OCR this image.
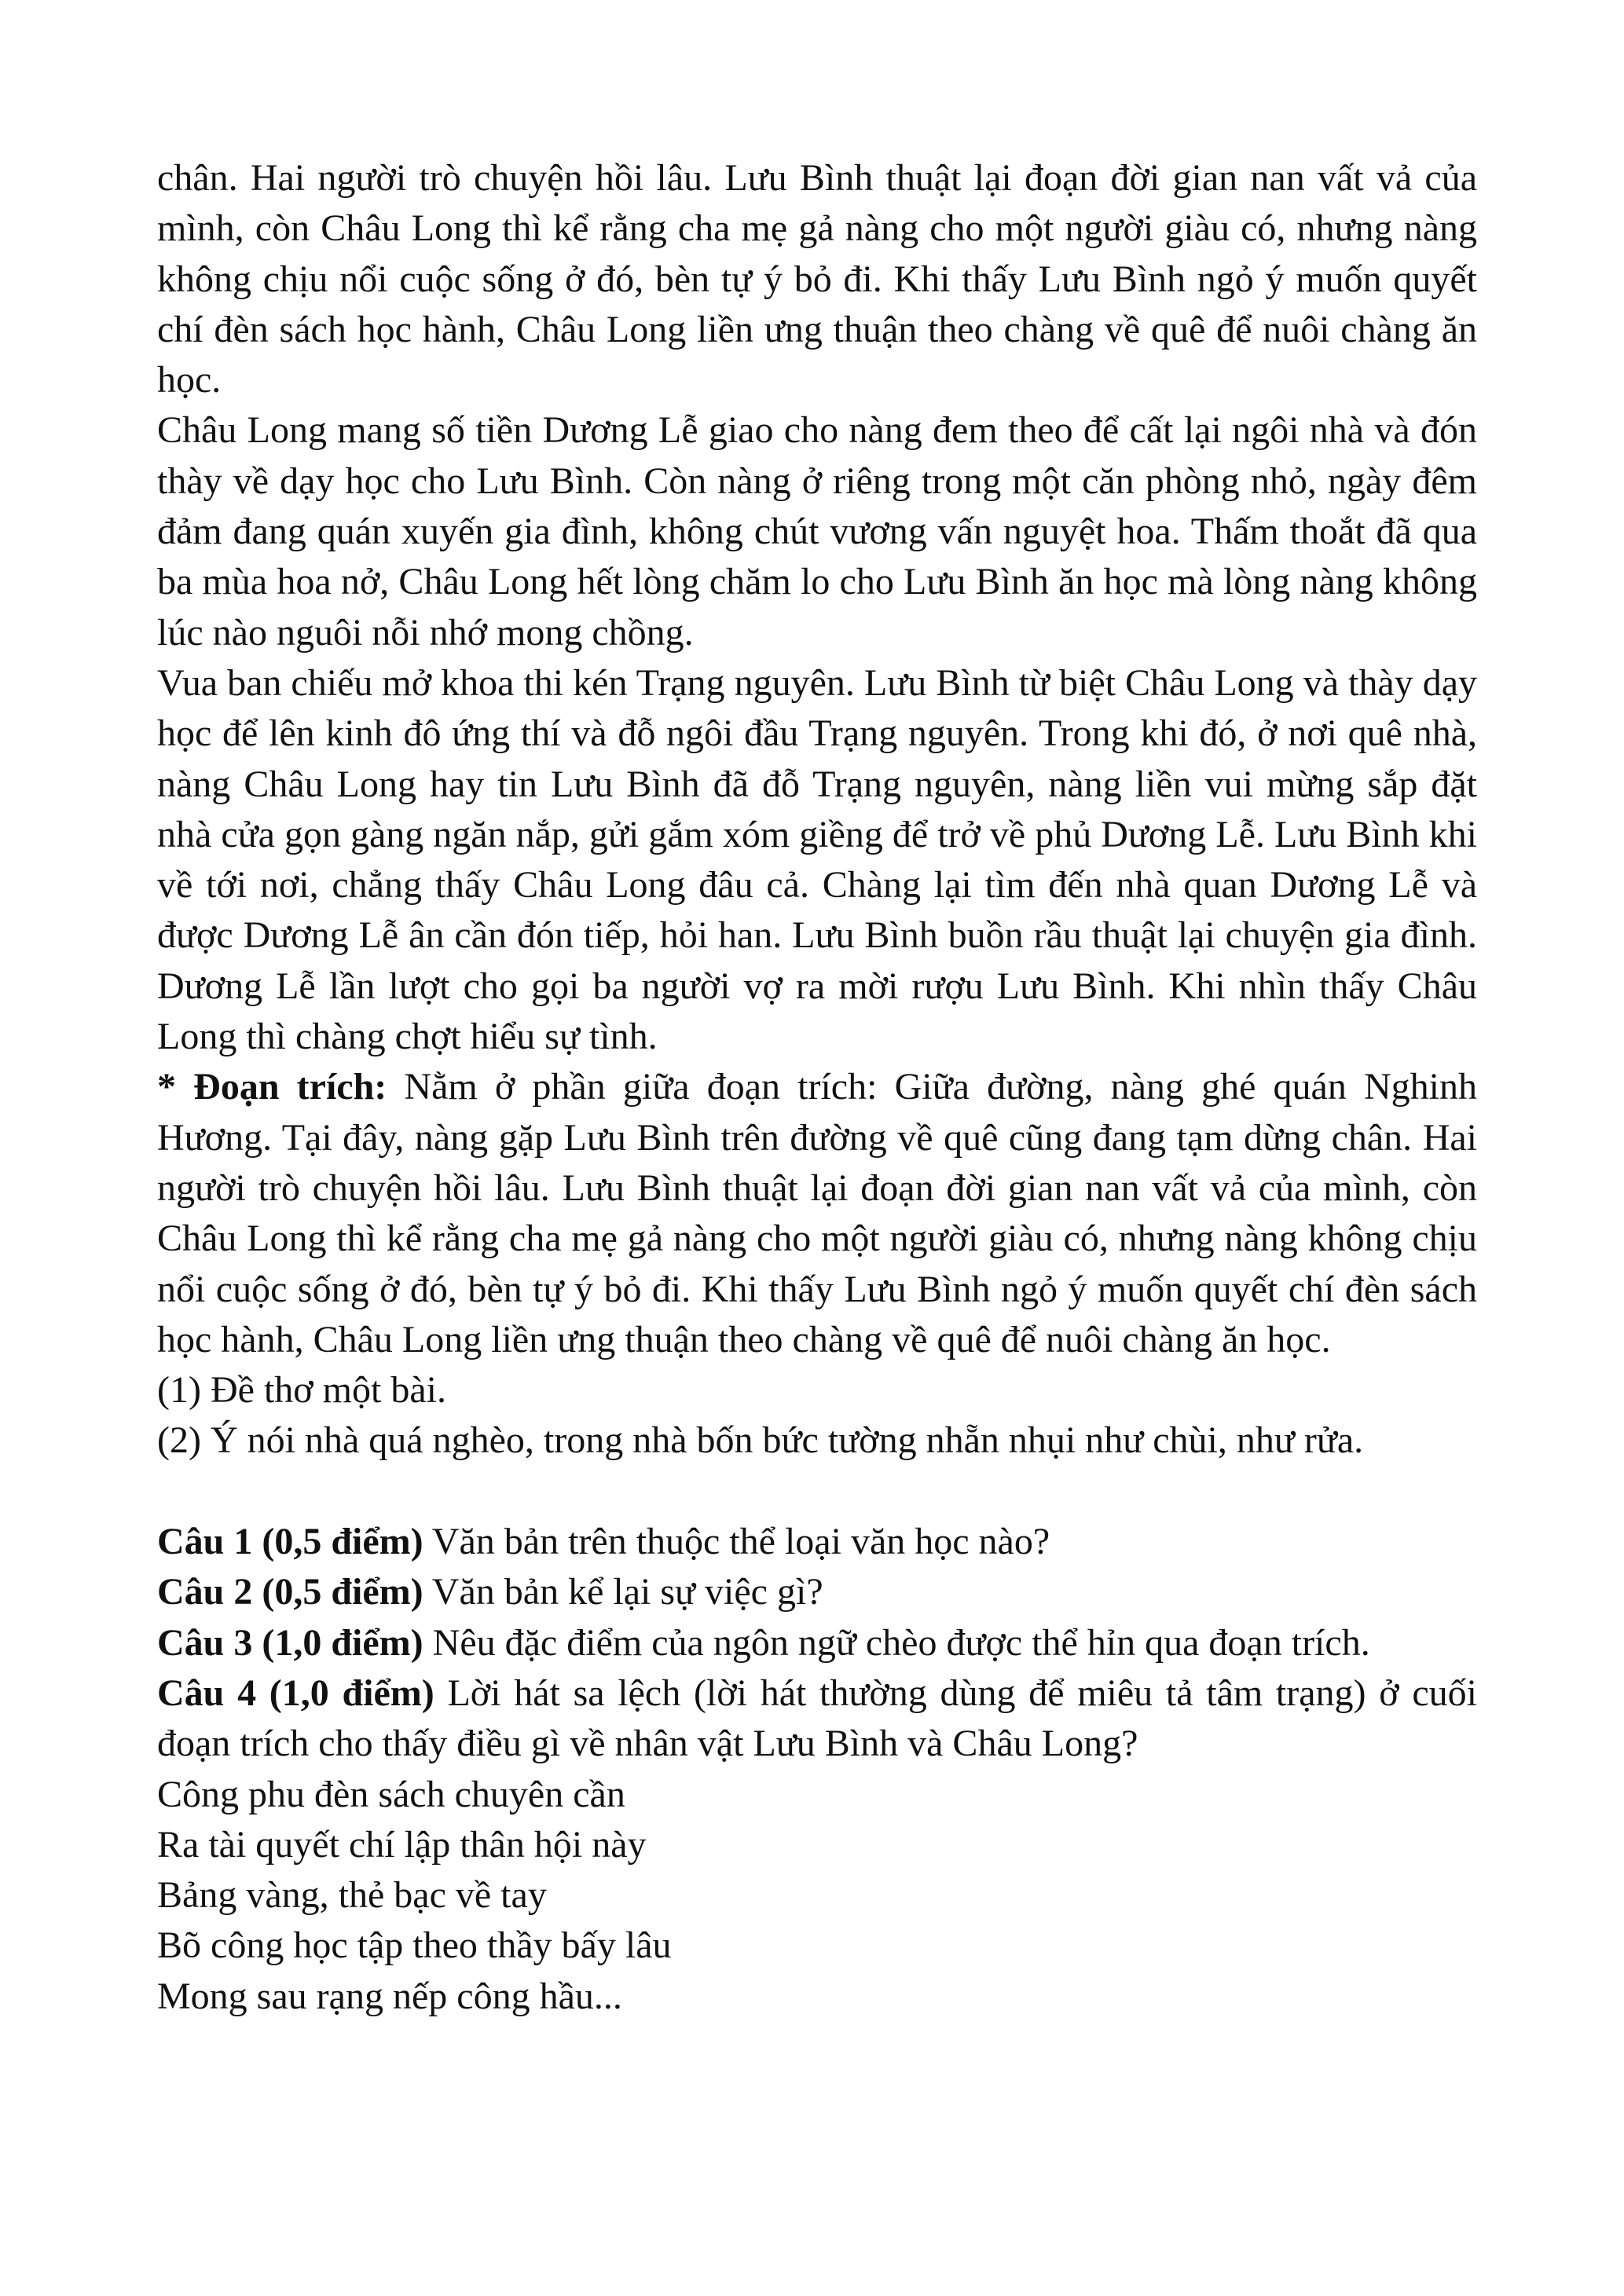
chân. Hai người trò chuyện hồi lâu. Lưu Bình thuật lại đoạn đời gian nan vất vả của mình, còn Châu Long thì kể rằng cha mẹ gả nàng cho một người giàu có, nhưng nàng không chịu nổi cuộc sống ở đó, bèn tự ý bỏ đi. Khi thấy Lưu Bình ngỏ ý muốn quyết chí đèn sách học hành, Châu Long liền ưng thuận theo chàng về quê để nuôi chàng ăn học.

Châu Long mang số tiền Dương Lễ giao cho nàng đem theo để cất lại ngôi nhà và đón thày về dạy học cho Lưu Bình. Còn nàng ở riêng trong một căn phòng nhỏ, ngày đêm đảm đang quán xuyến gia đình, không chút vương vấn nguyệt hoa. Thấm thoắt đã qua ba mùa hoa nở, Châu Long hết lòng chăm lo cho Lưu Bình ăn học mà lòng nàng không lúc nào nguôi nỗi nhớ mong chồng.

Vua ban chiếu mở khoa thi kén Trạng nguyên. Lưu Bình từ biệt Châu Long và thày dạy học để lên kinh đô ứng thí và đỗ ngôi đầu Trạng nguyên. Trong khi đó, ở nơi quê nhà, nàng Châu Long hay tin Lưu Bình đã đỗ Trạng nguyên, nàng liền vui mừng sắp đặt nhà cửa gọn gàng ngăn nắp, gửi gắm xóm giềng để trở về phủ Dương Lễ. Lưu Bình khi về tới nơi, chẳng thấy Châu Long đâu cả. Chàng lại tìm đến nhà quan Dương Lễ và được Dương Lễ ân cần đón tiếp, hỏi han. Lưu Bình buồn rầu thuật lại chuyện gia đình. Dương Lễ lần lượt cho gọi ba người vợ ra mời rượu Lưu Bình. Khi nhìn thấy Châu Long thì chàng chợt hiểu sự tình.

* Đoạn trích: Nằm ở phần giữa đoạn trích: Giữa đường, nàng ghé quán Nghinh Hương. Tại đây, nàng gặp Lưu Bình trên đường về quê cũng đang tạm dừng chân. Hai người trò chuyện hồi lâu. Lưu Bình thuật lại đoạn đời gian nan vất vả của mình, còn Châu Long thì kể rằng cha mẹ gả nàng cho một người giàu có, nhưng nàng không chịu nổi cuộc sống ở đó, bèn tự ý bỏ đi. Khi thấy Lưu Bình ngỏ ý muốn quyết chí đèn sách học hành, Châu Long liền ưng thuận theo chàng về quê để nuôi chàng ăn học.

(1) Đề thơ một bài.

(2) Ý nói nhà quá nghèo, trong nhà bốn bức tường nhẵn nhụi như chùi, như rửa.

Câu 1 (0,5 điểm) Văn bản trên thuộc thể loại văn học nào?

Câu 2 (0,5 điểm) Văn bản kể lại sự việc gì?

Câu 3 (1,0 điểm) Nêu đặc điểm của ngôn ngữ chèo được thể hỉn qua đoạn trích.

Câu 4 (1,0 điểm) Lời hát sa lệch (lời hát thường dùng để miêu tả tâm trạng) ở cuối đoạn trích cho thấy điều gì về nhân vật Lưu Bình và Châu Long?

Công phu đèn sách chuyên cần
Ra tài quyết chí lập thân hội này
Bảng vàng, thẻ bạc về tay
Bõ công học tập theo thầy bấy lâu
Mong sau rạng nếp công hầu...
